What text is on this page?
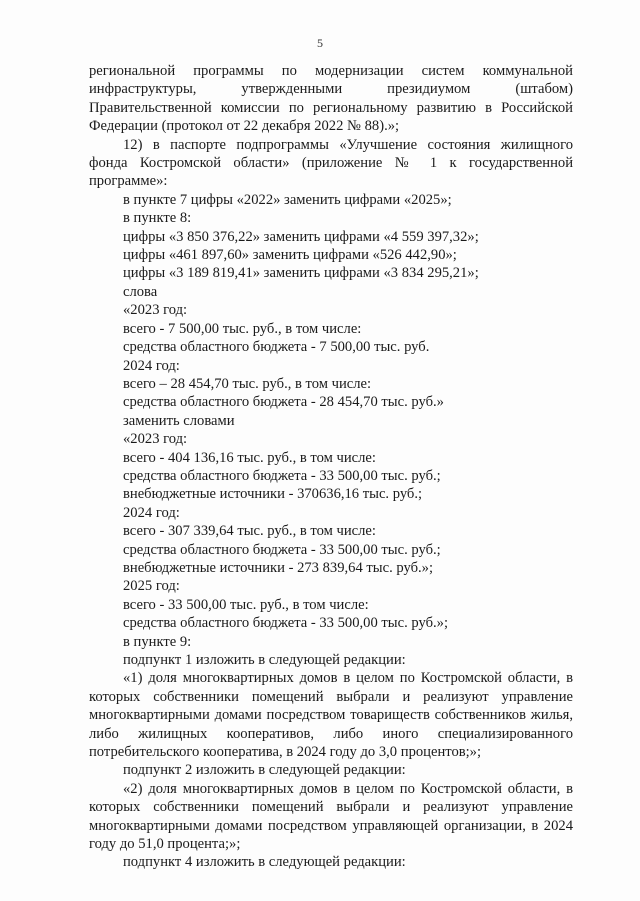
5

региональной программы по модернизации систем коммунальной инфраструктуры, утвержденными президиумом (штабом) Правительственной комиссии по региональному развитию в Российской Федерации (протокол от 22 декабря 2022 № 88).»;

12) в паспорте подпрограммы «Улучшение состояния жилищного фонда Костромской области» (приложение № 1 к государственной программе»:

в пункте 7 цифры «2022» заменить цифрами «2025»;
в пункте 8:
цифры «3 850 376,22» заменить цифрами «4 559 397,32»;
цифры «461 897,60» заменить цифрами «526 442,90»;
цифры «3 189 819,41» заменить цифрами «3 834 295,21»;
слова
«2023 год:
всего - 7 500,00 тыс. руб., в том числе:
средства областного бюджета - 7 500,00 тыс. руб.
2024 год:
всего – 28 454,70 тыс. руб., в том числе:
средства областного бюджета - 28 454,70 тыс. руб.»
заменить словами
«2023 год:
всего - 404 136,16 тыс. руб., в том числе:
средства областного бюджета - 33 500,00 тыс. руб.;
внебюджетные источники - 370636,16 тыс. руб.;
2024 год:
всего - 307 339,64 тыс. руб., в том числе:
средства областного бюджета - 33 500,00 тыс. руб.;
внебюджетные источники - 273 839,64 тыс. руб.»;
2025 год:
всего - 33 500,00 тыс. руб., в том числе:
средства областного бюджета - 33 500,00 тыс. руб.»;
в пункте 9:
подпункт 1 изложить в следующей редакции:

«1) доля многоквартирных домов в целом по Костромской области, в которых собственники помещений выбрали и реализуют управление многоквартирными домами посредством товариществ собственников жилья, либо жилищных кооперативов, либо иного специализированного потребительского кооператива, в 2024 году до 3,0 процентов;»;

подпункт 2 изложить в следующей редакции:

«2) доля многоквартирных домов в целом по Костромской области, в которых собственники помещений выбрали и реализуют управление многоквартирными домами посредством управляющей организации, в 2024 году до 51,0 процента;»;

подпункт 4 изложить в следующей редакции:
